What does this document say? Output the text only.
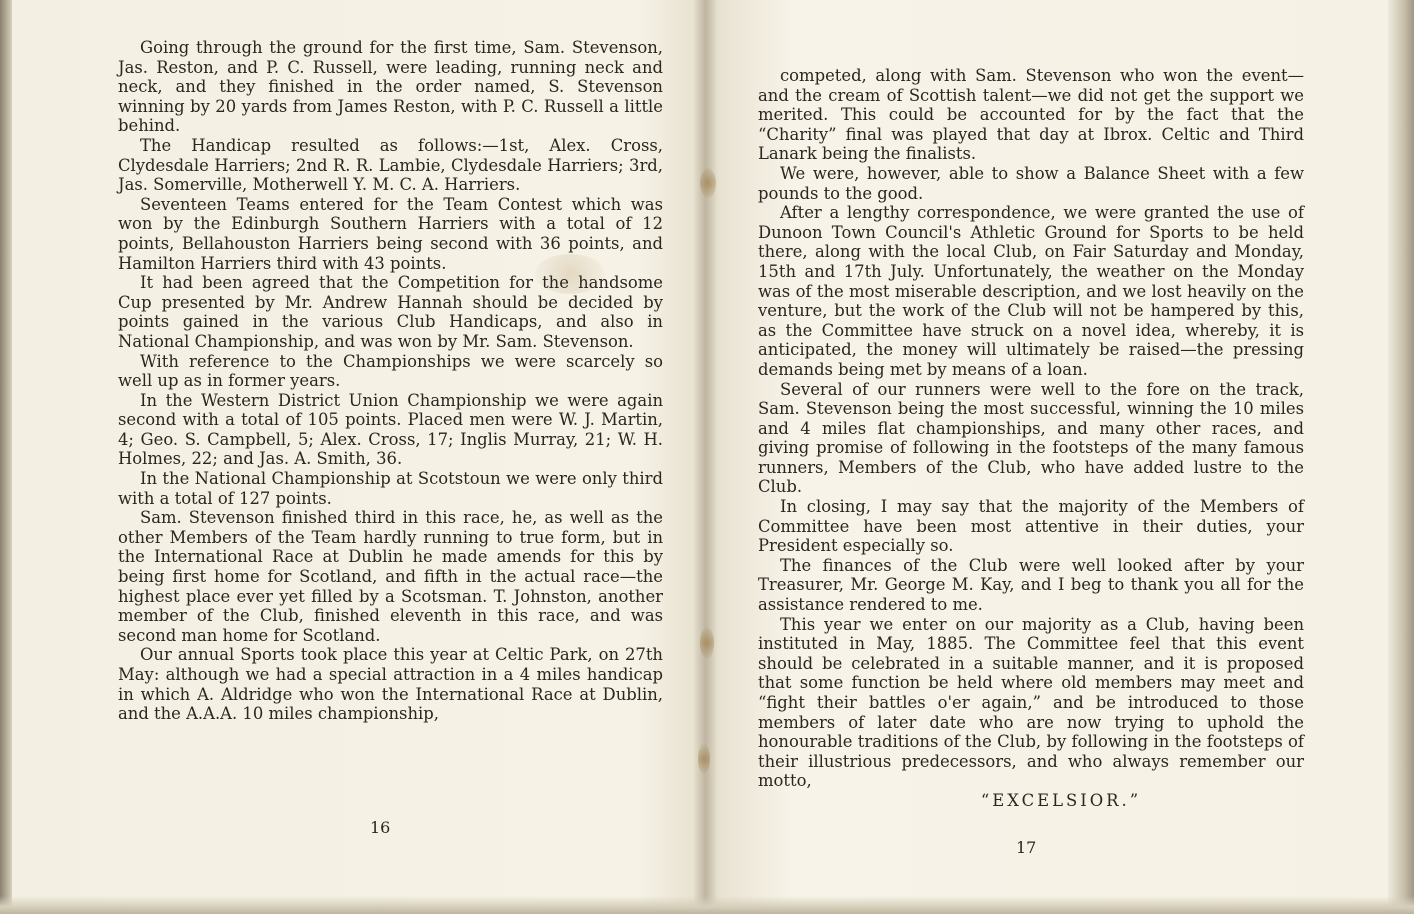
Going through the ground for the first time, Sam. Stevenson, Jas. Reston, and P. C. Russell, were leading, running neck and neck, and they finished in the order named, S. Stevenson winning by 20 yards from James Reston, with P. C. Russell a little behind.

The Handicap resulted as follows:—1st, Alex. Cross, Clydesdale Harriers; 2nd R. R. Lambie, Clydesdale Harriers; 3rd, Jas. Somerville, Motherwell Y. M. C. A. Harriers.

Seventeen Teams entered for the Team Contest which was won by the Edinburgh Southern Harriers with a total of 12 points, Bellahouston Harriers being second with 36 points, and Hamilton Harriers third with 43 points.

It had been agreed that the Competition for the handsome Cup presented by Mr. Andrew Hannah should be decided by points gained in the various Club Handicaps, and also in National Championship, and was won by Mr. Sam. Stevenson.

With reference to the Championships we were scarcely so well up as in former years.

In the Western District Union Championship we were again second with a total of 105 points. Placed men were W. J. Martin, 4; Geo. S. Campbell, 5; Alex. Cross, 17; Inglis Murray, 21; W. H. Holmes, 22; and Jas. A. Smith, 36.

In the National Championship at Scotstoun we were only third with a total of 127 points.

Sam. Stevenson finished third in this race, he, as well as the other Members of the Team hardly running to true form, but in the International Race at Dublin he made amends for this by being first home for Scotland, and fifth in the actual race—the highest place ever yet filled by a Scotsman. T. Johnston, another member of the Club, finished eleventh in this race, and was second man home for Scotland.

Our annual Sports took place this year at Celtic Park, on 27th May: although we had a special attraction in a 4 miles handicap in which A. Aldridge who won the International Race at Dublin, and the A.A.A. 10 miles championship,

16

competed, along with Sam. Stevenson who won the event—and the cream of Scottish talent—we did not get the support we merited. This could be accounted for by the fact that the “Charity” final was played that day at Ibrox. Celtic and Third Lanark being the finalists.

We were, however, able to show a Balance Sheet with a few pounds to the good.

After a lengthy correspondence, we were granted the use of Dunoon Town Council's Athletic Ground for Sports to be held there, along with the local Club, on Fair Saturday and Monday, 15th and 17th July. Unfortunately, the weather on the Monday was of the most miserable description, and we lost heavily on the venture, but the work of the Club will not be hampered by this, as the Committee have struck on a novel idea, whereby, it is anticipated, the money will ultimately be raised—the pressing demands being met by means of a loan.

Several of our runners were well to the fore on the track, Sam. Stevenson being the most successful, winning the 10 miles and 4 miles flat championships, and many other races, and giving promise of following in the footsteps of the many famous runners, Members of the Club, who have added lustre to the Club.

In closing, I may say that the majority of the Members of Committee have been most attentive in their duties, your President especially so.

The finances of the Club were well looked after by your Treasurer, Mr. George M. Kay, and I beg to thank you all for the assistance rendered to me.

This year we enter on our majority as a Club, having been instituted in May, 1885. The Committee feel that this event should be celebrated in a suitable manner, and it is proposed that some function be held where old members may meet and “fight their battles o'er again,” and be introduced to those members of later date who are now trying to uphold the honourable traditions of the Club, by following in the footsteps of their illustrious predecessors, and who always remember our motto,

“EXCELSIOR.”
17
